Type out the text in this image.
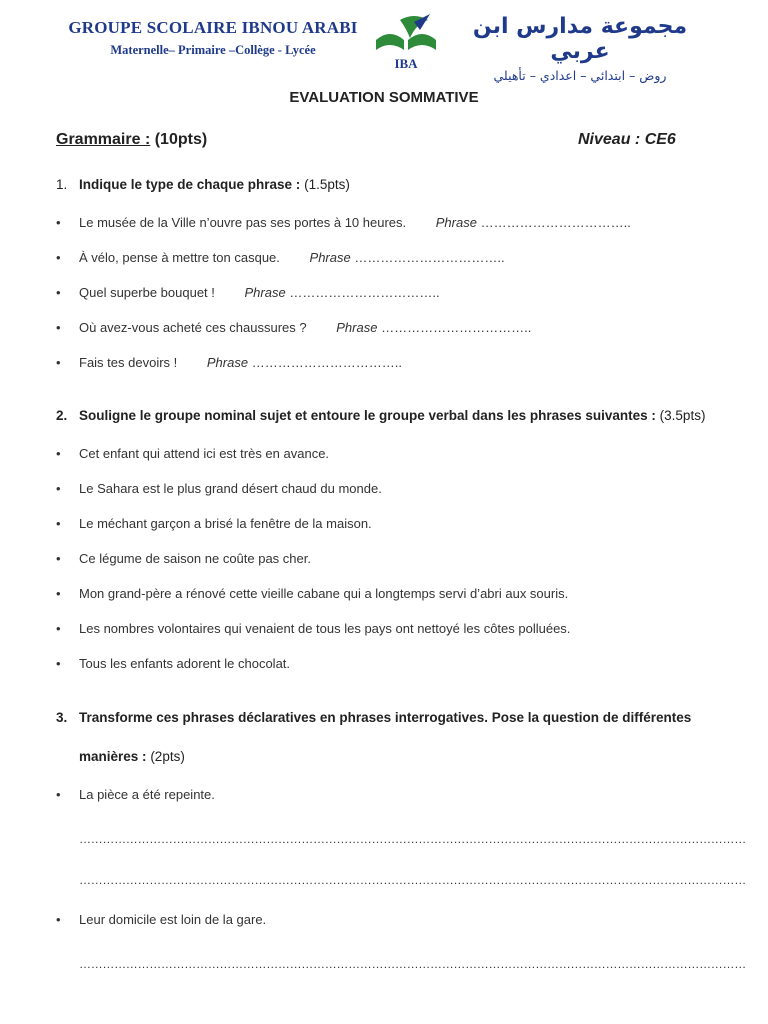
GROUPE SCOLAIRE IBNOU ARABI
Maternelle– Primaire –Collège - Lycée
IBA
مجموعة مدارس ابن عربي
روض – ابتدائي – اعدادي – تأهيلي
EVALUATION SOMMATIVE
Grammaire : (10pts)	Niveau : CE6
1. Indique le type de chaque phrase : (1.5pts)
• Le musée de la Ville n’ouvre pas ses portes à 10 heures. Phrase ……………………………..
• À vélo, pense à mettre ton casque. Phrase ……………………………..
• Quel superbe bouquet ! Phrase ……………………………..
• Où avez-vous acheté ces chaussures ? Phrase ……………………………..
• Fais tes devoirs ! Phrase ……………………………..
2. Souligne le groupe nominal sujet et entoure le groupe verbal dans les phrases suivantes : (3.5pts)
• Cet enfant qui attend ici est très en avance.
• Le Sahara est le plus grand désert chaud du monde.
• Le méchant garçon a brisé la fenêtre de la maison.
• Ce légume de saison ne coûte pas cher.
• Mon grand-père a rénové cette vieille cabane qui a longtemps servi d’abri aux souris.
• Les nombres volontaires qui venaient de tous les pays ont nettoyé les côtes polluées.
• Tous les enfants adorent le chocolat.
3. Transforme ces phrases déclaratives en phrases interrogatives. Pose la question de différentes
manières : (2pts)
• La pièce a été repeinte.
………………………………………………………………………………………………………………………………………………………
………………………………………………………………………………………………………………………………………………………
• Leur domicile est loin de la gare.
………………………………………………………………………………………………………………………………………………………
